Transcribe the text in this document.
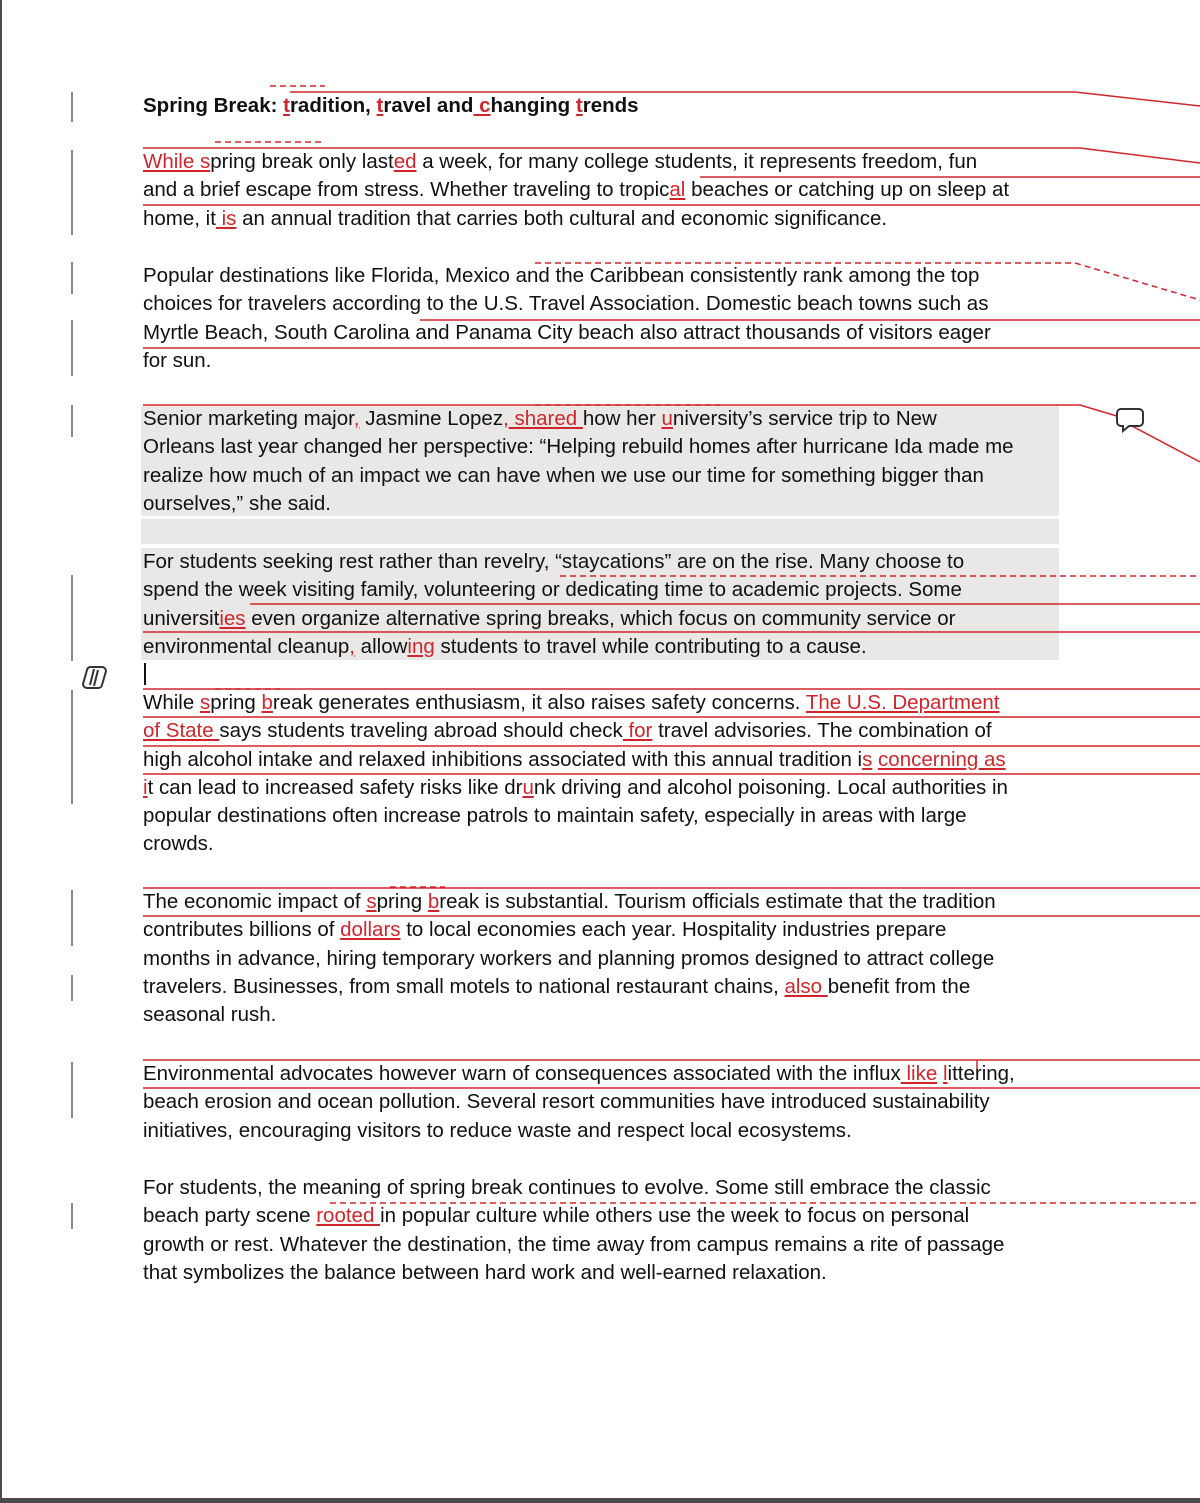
Spring Break: tradition, travel and changing trends
While spring break only lasted a week, for many college students, it represents freedom, fun
and a brief escape from stress. Whether traveling to tropical beaches or catching up on sleep at
home, it is an annual tradition that carries both cultural and economic significance.
Popular destinations like Florida, Mexico and the Caribbean consistently rank among the top
choices for travelers according to the U.S. Travel Association. Domestic beach towns such as
Myrtle Beach, South Carolina and Panama City beach also attract thousands of visitors eager
for sun.
Senior marketing major, Jasmine Lopez, shared how her university’s service trip to New
Orleans last year changed her perspective: “Helping rebuild homes after hurricane Ida made me
realize how much of an impact we can have when we use our time for something bigger than
ourselves,” she said.
For students seeking rest rather than revelry, “staycations” are on the rise. Many choose to
spend the week visiting family, volunteering or dedicating time to academic projects. Some
universities even organize alternative spring breaks, which focus on community service or
environmental cleanup, allowing students to travel while contributing to a cause.
While spring break generates enthusiasm, it also raises safety concerns. The U.S. Department
of State says students traveling abroad should check for travel advisories. The combination of
high alcohol intake and relaxed inhibitions associated with this annual tradition is concerning as
it can lead to increased safety risks like drunk driving and alcohol poisoning. Local authorities in
popular destinations often increase patrols to maintain safety, especially in areas with large
crowds.
The economic impact of spring break is substantial. Tourism officials estimate that the tradition
contributes billions of dollars to local economies each year. Hospitality industries prepare
months in advance, hiring temporary workers and planning promos designed to attract college
travelers. Businesses, from small motels to national restaurant chains, also benefit from the
seasonal rush.
Environmental advocates however warn of consequences associated with the influx like littering,
beach erosion and ocean pollution. Several resort communities have introduced sustainability
initiatives, encouraging visitors to reduce waste and respect local ecosystems.
For students, the meaning of spring break continues to evolve. Some still embrace the classic
beach party scene rooted in popular culture while others use the week to focus on personal
growth or rest. Whatever the destination, the time away from campus remains a rite of passage
that symbolizes the balance between hard work and well-earned relaxation.
